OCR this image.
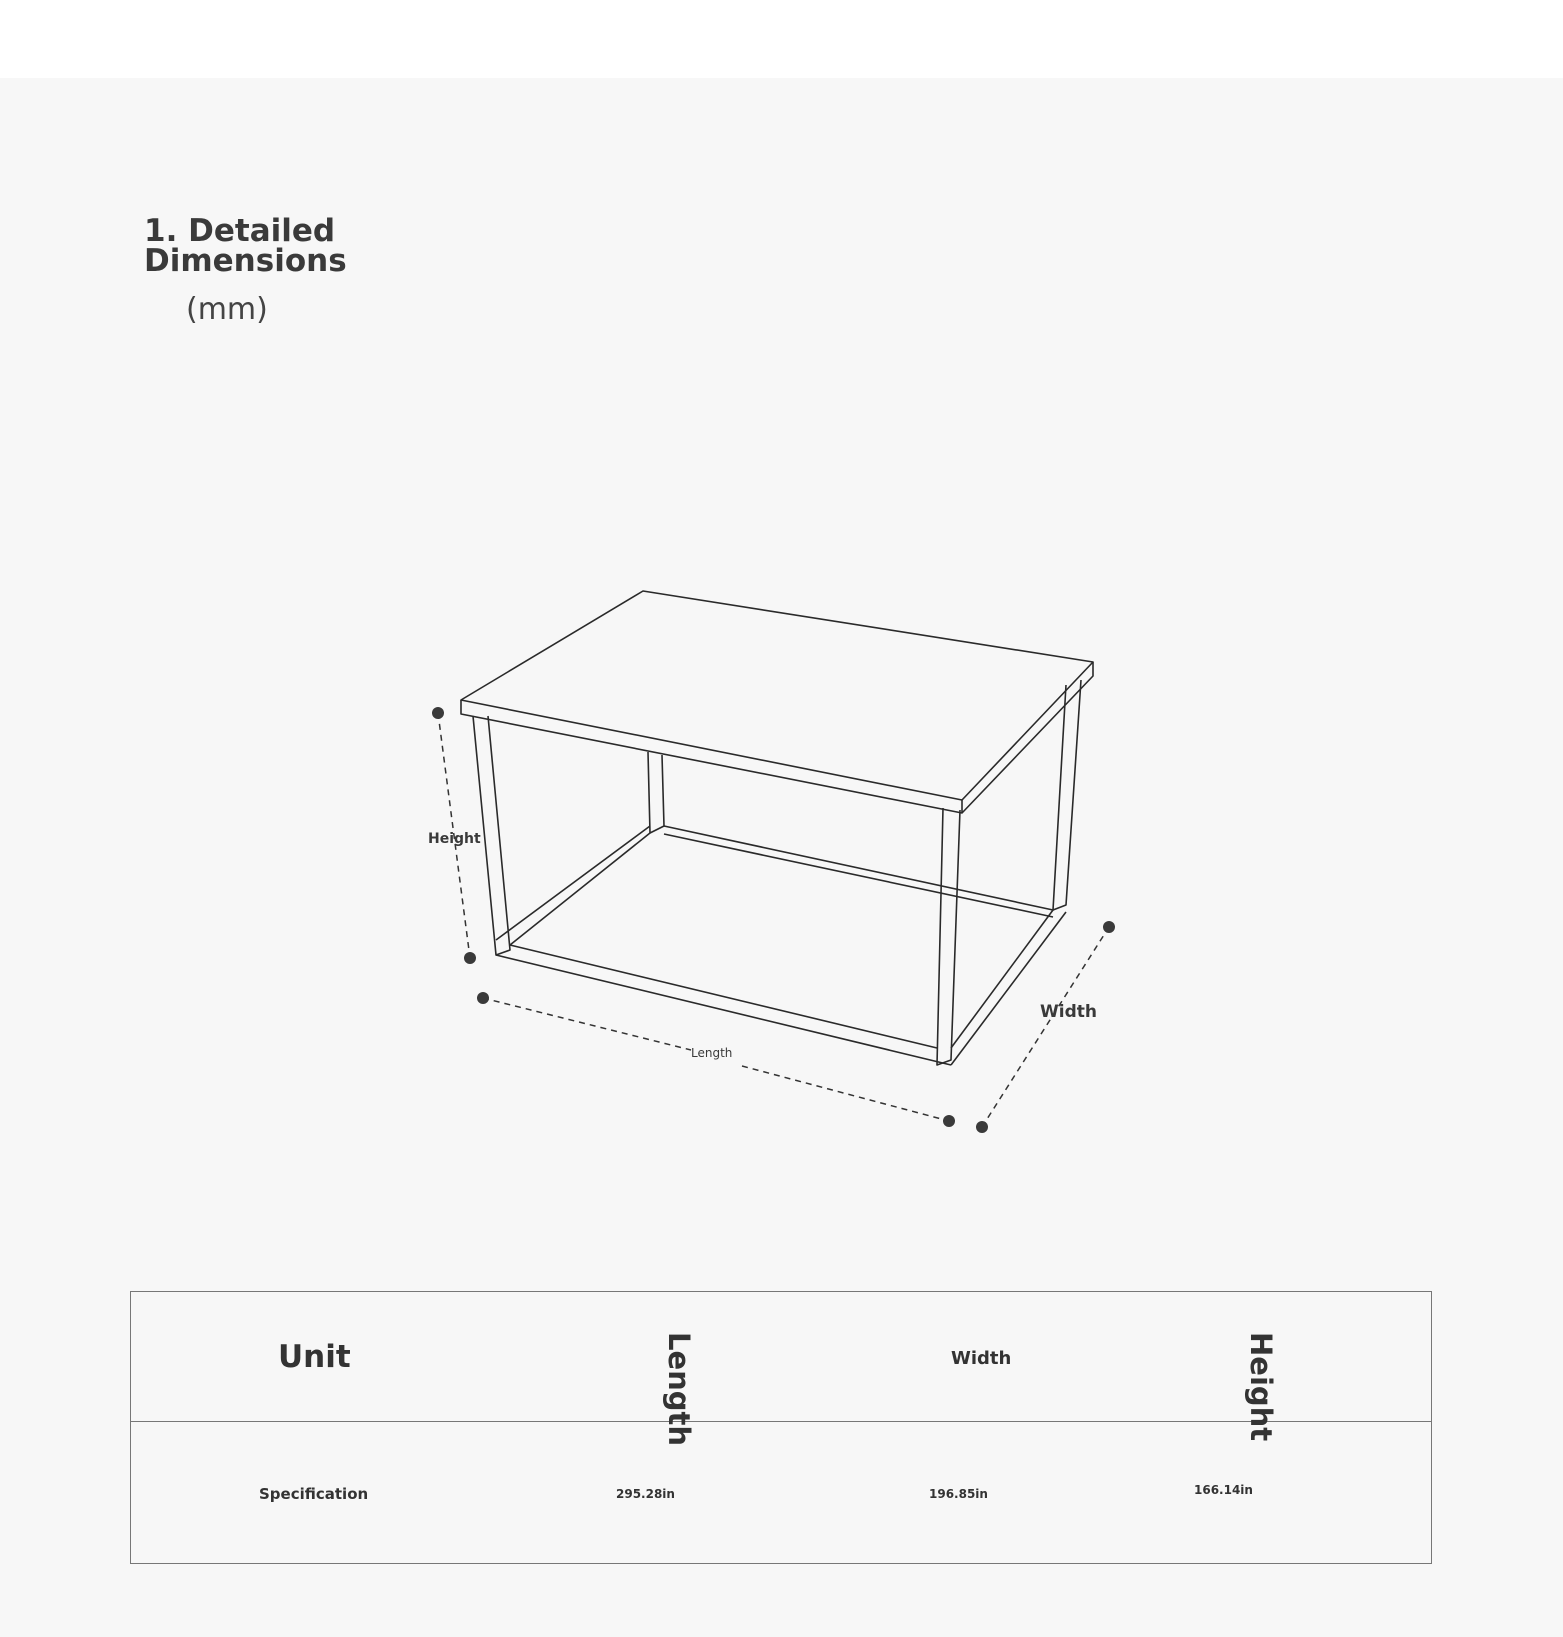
1. Detailed
Dimensions
(mm)
Height
Length
Width
Unit	Length	Width	Height
Specification	295.28in	196.85in	166.14in
